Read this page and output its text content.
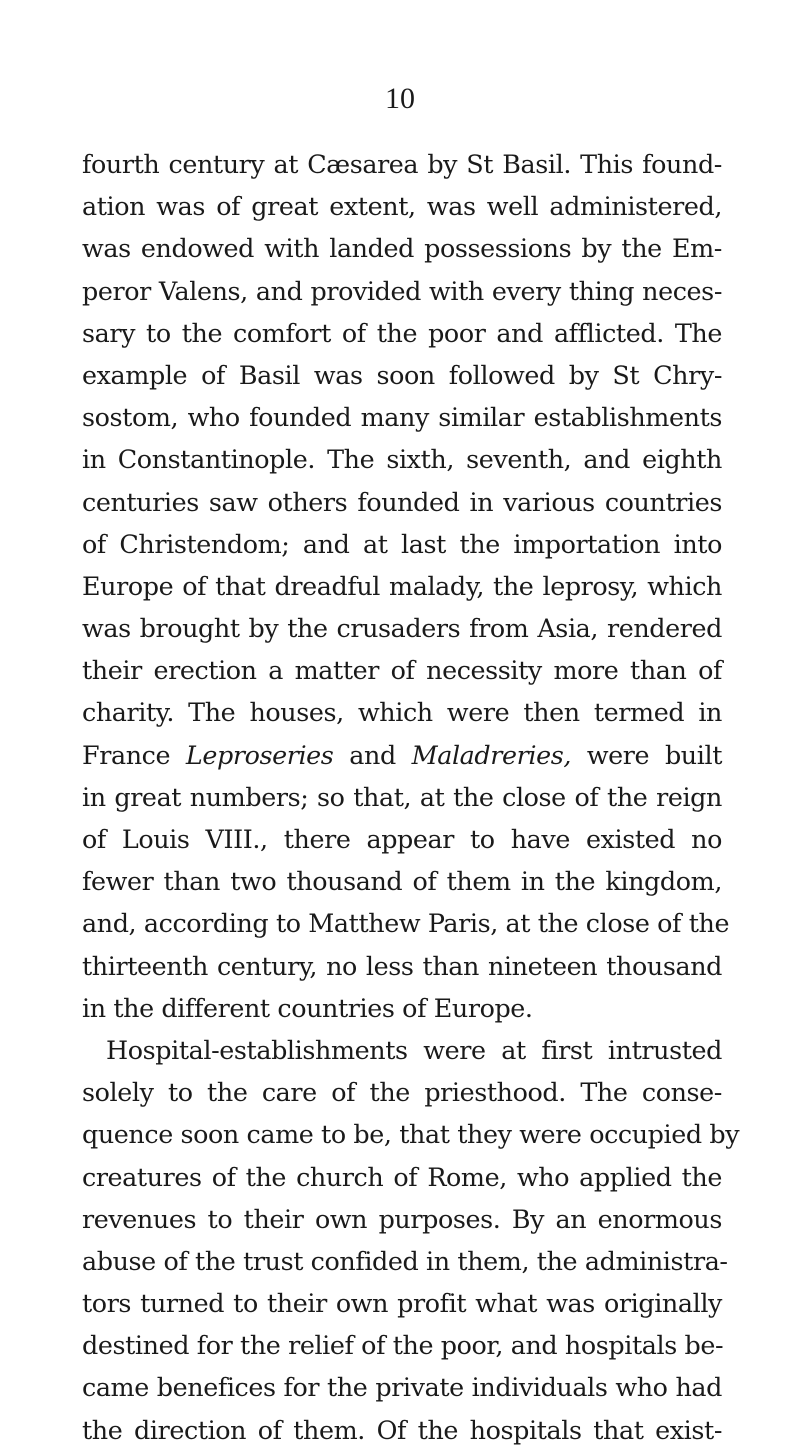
10
fourth century at Cæsarea by St Basil. This found-
ation was of great extent, was well administered,
was endowed with landed possessions by the Em-
peror Valens, and provided with every thing neces-
sary to the comfort of the poor and afflicted. The
example of Basil was soon followed by St Chry-
sostom, who founded many similar establishments
in Constantinople. The sixth, seventh, and eighth
centuries saw others founded in various countries
of Christendom; and at last the importation into
Europe of that dreadful malady, the leprosy, which
was brought by the crusaders from Asia, rendered
their erection a matter of necessity more than of
charity. The houses, which were then termed in
France Leproseries and Maladreries, were built
in great numbers; so that, at the close of the reign
of Louis VIII., there appear to have existed no
fewer than two thousand of them in the kingdom,
and, according to Matthew Paris, at the close of the
thirteenth century, no less than nineteen thousand
in the different countries of Europe.
Hospital-establishments were at first intrusted
solely to the care of the priesthood. The conse-
quence soon came to be, that they were occupied by
creatures of the church of Rome, who applied the
revenues to their own purposes. By an enormous
abuse of the trust confided in them, the administra-
tors turned to their own profit what was originally
destined for the relief of the poor, and hospitals be-
came benefices for the private individuals who had
the direction of them. Of the hospitals that exist-
